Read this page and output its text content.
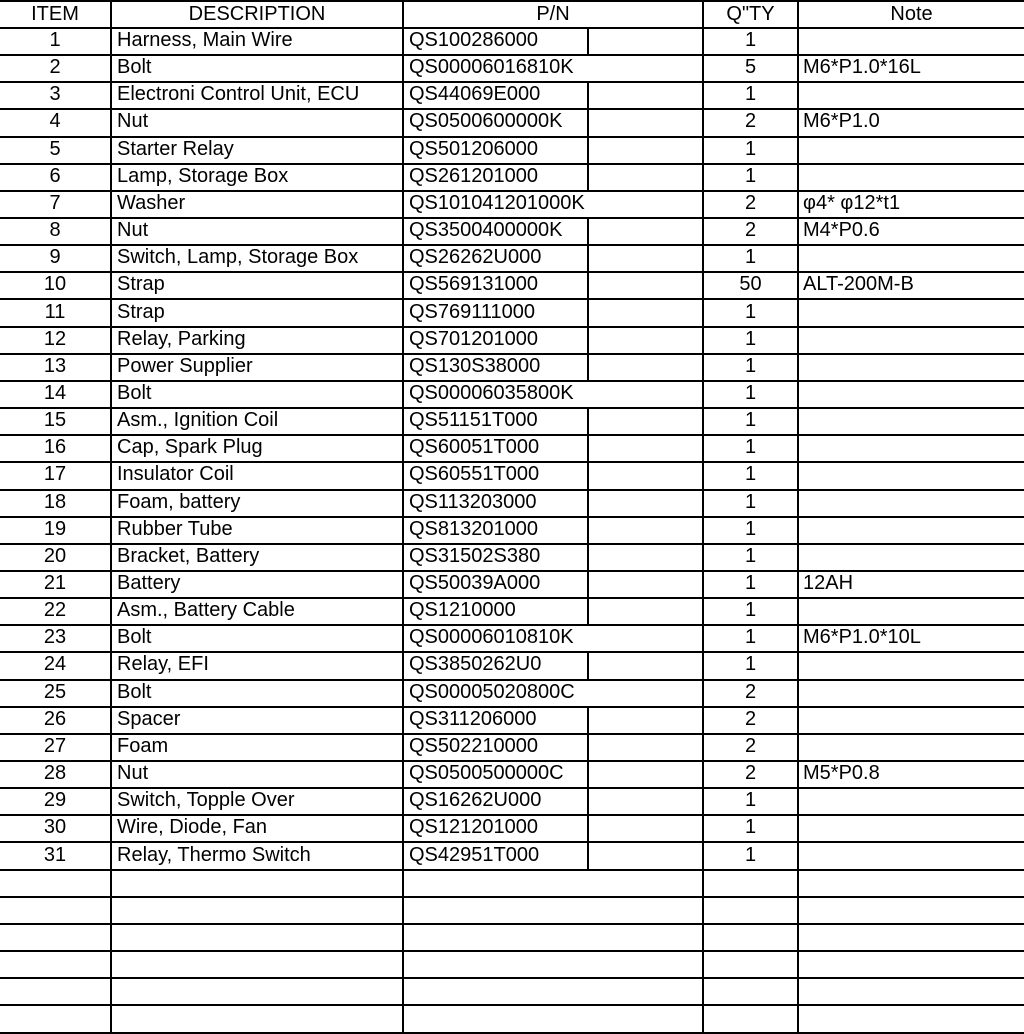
ITEM	DESCRIPTION	P/N	Q"TY	Note
1	Harness, Main Wire	QS100286000	1
2	Bolt	QS00006016810K	5	M6*P1.0*16L
3	Electroni Control Unit, ECU	QS44069E000	1
4	Nut	QS0500600000K	2	M6*P1.0
5	Starter Relay	QS501206000	1
6	Lamp, Storage Box	QS261201000	1
7	Washer	QS101041201000K	2	φ4* φ12*t1
8	Nut	QS3500400000K	2	M4*P0.6
9	Switch, Lamp, Storage Box	QS26262U000	1
10	Strap	QS569131000	50	ALT-200M-B
11	Strap	QS769111000	1
12	Relay, Parking	QS701201000	1
13	Power Supplier	QS130S38000	1
14	Bolt	QS00006035800K	1
15	Asm., Ignition Coil	QS51151T000	1
16	Cap, Spark Plug	QS60051T000	1
17	Insulator Coil	QS60551T000	1
18	Foam, battery	QS113203000	1
19	Rubber Tube	QS813201000	1
20	Bracket, Battery	QS31502S380	1
21	Battery	QS50039A000	1	12AH
22	Asm., Battery Cable	QS1210000	1
23	Bolt	QS00006010810K	1	M6*P1.0*10L
24	Relay, EFI	QS3850262U0	1
25	Bolt	QS00005020800C	2
26	Spacer	QS311206000	2
27	Foam	QS502210000	2
28	Nut	QS0500500000C	2	M5*P0.8
29	Switch, Topple Over	QS16262U000	1
30	Wire, Diode, Fan	QS121201000	1
31	Relay, Thermo Switch	QS42951T000	1
